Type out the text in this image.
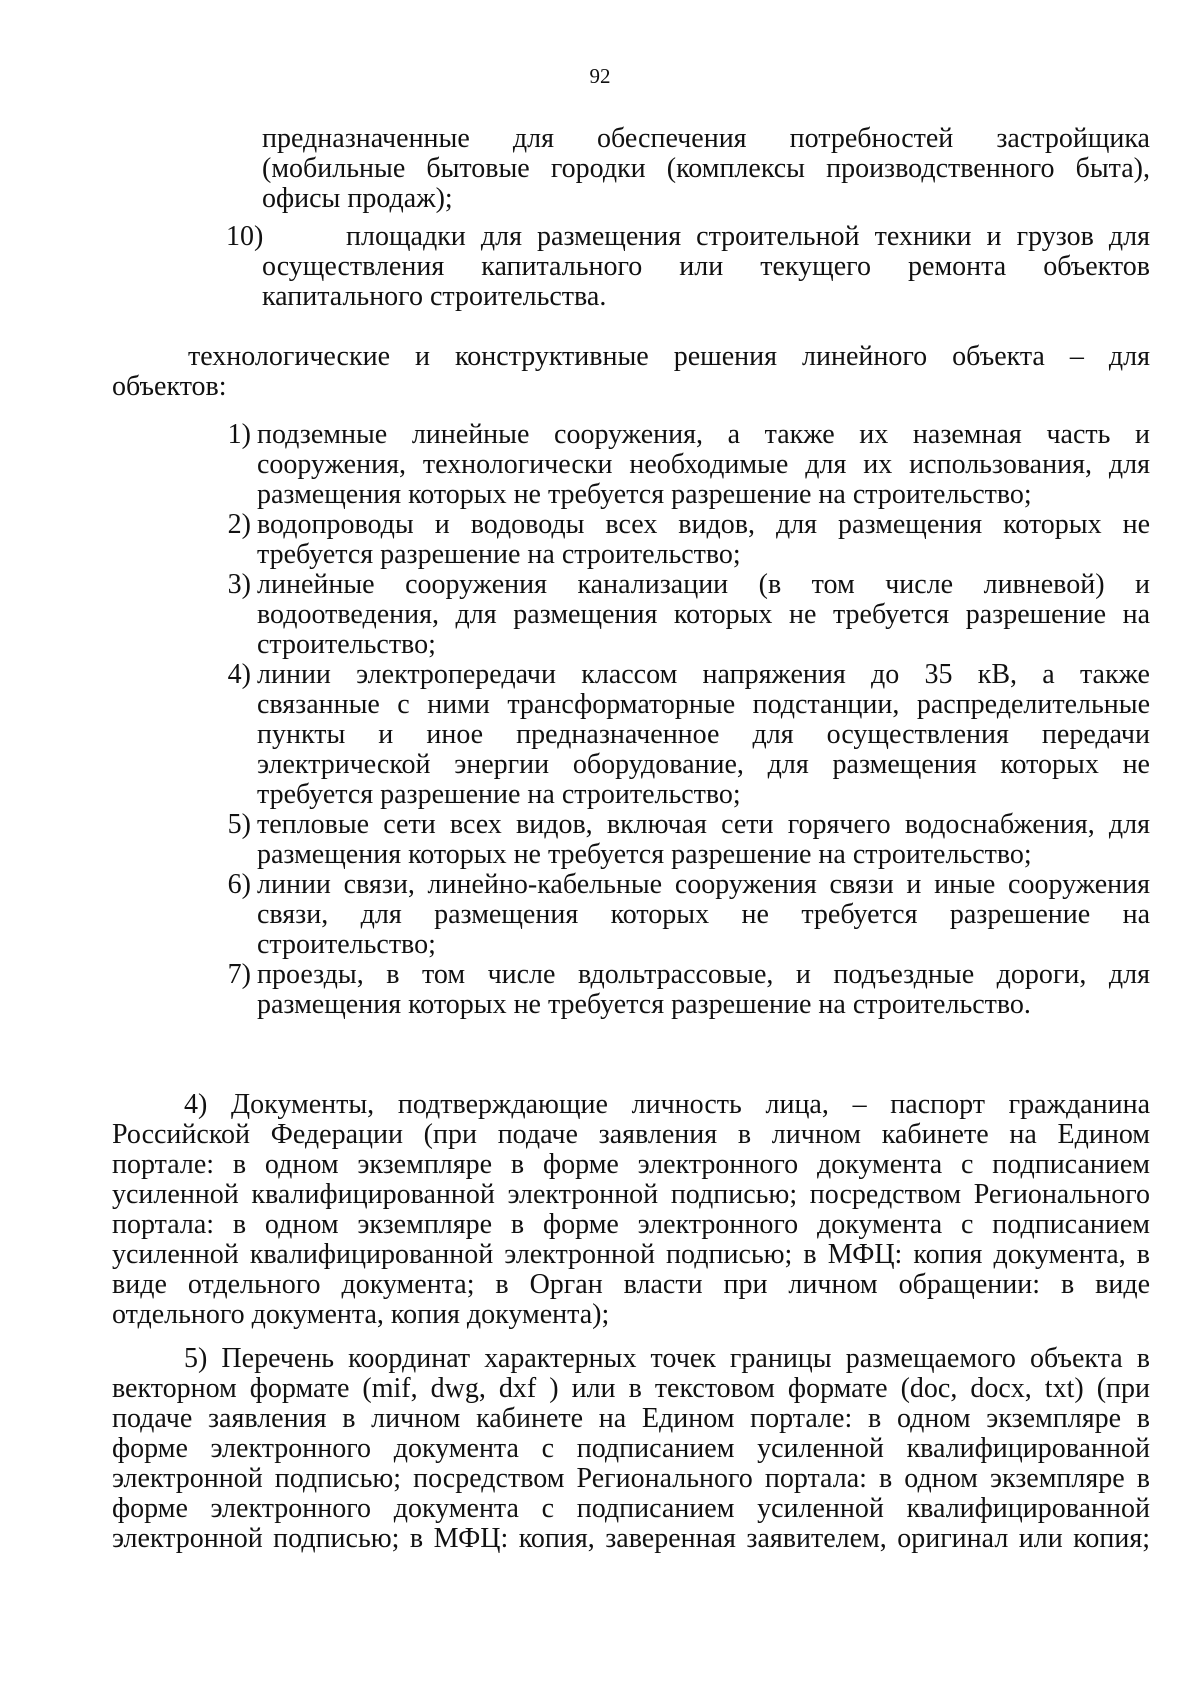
92
предназначенные для обеспечения потребностей застройщика
(мобильные бытовые городки (комплексы производственного быта),
офисы продаж);
10)	площадки для размещения строительной техники и грузов для
осуществления капитального или текущего ремонта объектов
капитального строительства.
технологические и конструктивные решения линейного объекта – для
объектов:
1) подземные линейные сооружения, а также их наземная часть и
сооружения, технологически необходимые для их использования, для
размещения которых не требуется разрешение на строительство;
2) водопроводы и водоводы всех видов, для размещения которых не
требуется разрешение на строительство;
3) линейные сооружения канализации (в том числе ливневой) и
водоотведения, для размещения которых не требуется разрешение на
строительство;
4) линии электропередачи классом напряжения до 35 кВ, а также
связанные с ними трансформаторные подстанции, распределительные
пункты и иное предназначенное для осуществления передачи
электрической энергии оборудование, для размещения которых не
требуется разрешение на строительство;
5) тепловые сети всех видов, включая сети горячего водоснабжения, для
размещения которых не требуется разрешение на строительство;
6) линии связи, линейно-кабельные сооружения связи и иные сооружения
связи, для размещения которых не требуется разрешение на
строительство;
7) проезды, в том числе вдольтрассовые, и подъездные дороги, для
размещения которых не требуется разрешение на строительство.
4) Документы, подтверждающие личность лица, – паспорт гражданина
Российской Федерации (при подаче заявления в личном кабинете на Едином
портале: в одном экземпляре в форме электронного документа с подписанием
усиленной квалифицированной электронной подписью; посредством Регионального
портала: в одном экземпляре в форме электронного документа с подписанием
усиленной квалифицированной электронной подписью; в МФЦ: копия документа, в
виде отдельного документа; в Орган власти при личном обращении: в виде
отдельного документа, копия документа);
5) Перечень координат характерных точек границы размещаемого объекта в
векторном формате (mif, dwg, dxf ) или в текстовом формате (doc, docx, txt) (при
подаче заявления в личном кабинете на Едином портале: в одном экземпляре в
форме электронного документа с подписанием усиленной квалифицированной
электронной подписью; посредством Регионального портала: в одном экземпляре в
форме электронного документа с подписанием усиленной квалифицированной
электронной подписью; в МФЦ: копия, заверенная заявителем, оригинал или копия;
